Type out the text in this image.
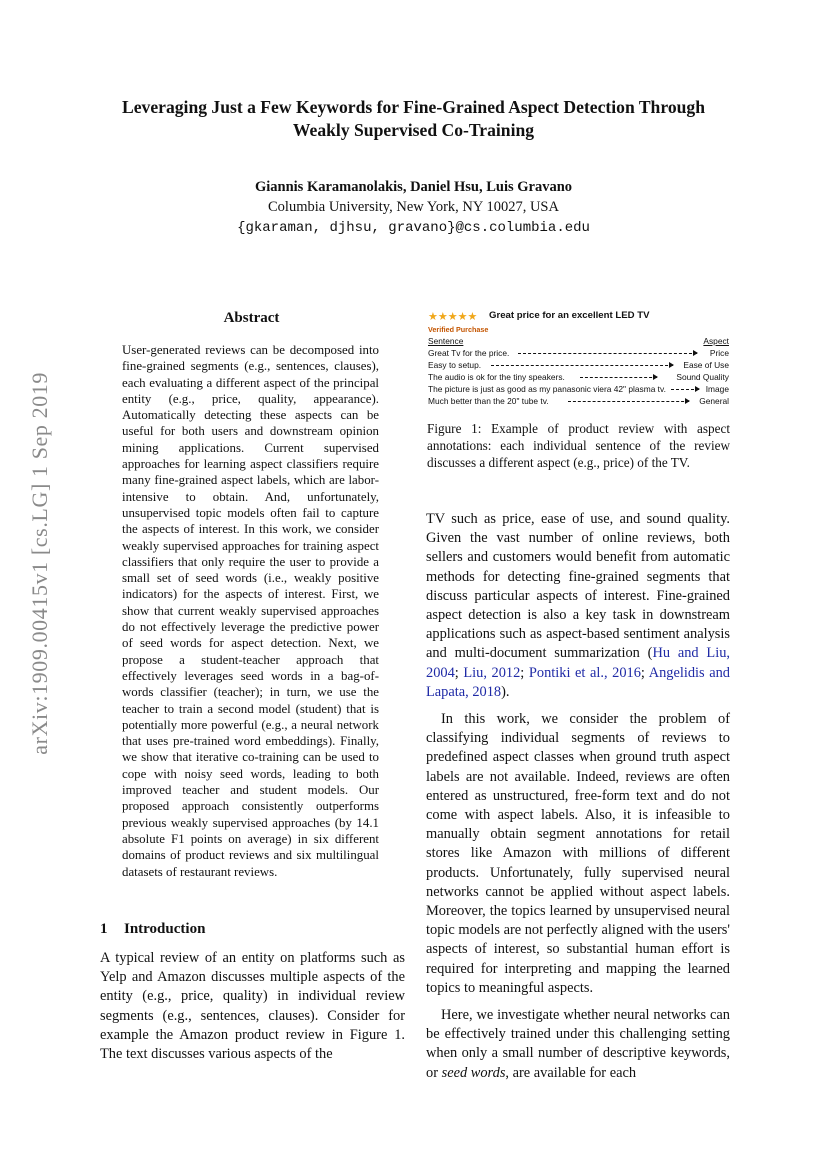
arXiv:1909.00415v1 [cs.LG] 1 Sep 2019
Leveraging Just a Few Keywords for Fine-Grained Aspect Detection Through Weakly Supervised Co-Training
Giannis Karamanolakis, Daniel Hsu, Luis Gravano
Columbia University, New York, NY 10027, USA
{gkaraman, djhsu, gravano}@cs.columbia.edu
Abstract
User-generated reviews can be decomposed into fine-grained segments (e.g., sentences, clauses), each evaluating a different aspect of the principal entity (e.g., price, quality, appearance). Automatically detecting these aspects can be useful for both users and downstream opinion mining applications. Current supervised approaches for learning aspect classifiers require many fine-grained aspect labels, which are labor-intensive to obtain. And, unfortunately, unsupervised topic models often fail to capture the aspects of interest. In this work, we consider weakly supervised approaches for training aspect classifiers that only require the user to provide a small set of seed words (i.e., weakly positive indicators) for the aspects of interest. First, we show that current weakly supervised approaches do not effectively leverage the predictive power of seed words for aspect detection. Next, we propose a student-teacher approach that effectively leverages seed words in a bag-of-words classifier (teacher); in turn, we use the teacher to train a second model (student) that is potentially more powerful (e.g., a neural network that uses pre-trained word embeddings). Finally, we show that iterative co-training can be used to cope with noisy seed words, leading to both improved teacher and student models. Our proposed approach consistently outperforms previous weakly supervised approaches (by 14.1 absolute F1 points on average) in six different domains of product reviews and six multilingual datasets of restaurant reviews.
★★★★★ Great price for an excellent LED TV
Verified Purchase
Sentence	Aspect
Great Tv for the price.	Price
Easy to setup.	Ease of Use
The audio is ok for the tiny speakers.	Sound Quality
The picture is just as good as my panasonic viera 42" plasma tv.	Image
Much better than the 20" tube tv.	General
Figure 1: Example of product review with aspect annotations: each individual sentence of the review discusses a different aspect (e.g., price) of the TV.
1 Introduction
A typical review of an entity on platforms such as Yelp and Amazon discusses multiple aspects of the entity (e.g., price, quality) in individual review segments (e.g., sentences, clauses). Consider for example the Amazon product review in Figure 1. The text discusses various aspects of the

TV such as price, ease of use, and sound quality. Given the vast number of online reviews, both sellers and customers would benefit from automatic methods for detecting fine-grained segments that discuss particular aspects of interest. Fine-grained aspect detection is also a key task in downstream applications such as aspect-based sentiment analysis and multi-document summarization (Hu and Liu, 2004; Liu, 2012; Pontiki et al., 2016; Angelidis and Lapata, 2018).

In this work, we consider the problem of classifying individual segments of reviews to predefined aspect classes when ground truth aspect labels are not available. Indeed, reviews are often entered as unstructured, free-form text and do not come with aspect labels. Also, it is infeasible to manually obtain segment annotations for retail stores like Amazon with millions of different products. Unfortunately, fully supervised neural networks cannot be applied without aspect labels. Moreover, the topics learned by unsupervised neural topic models are not perfectly aligned with the users' aspects of interest, so substantial human effort is required for interpreting and mapping the learned topics to meaningful aspects.

Here, we investigate whether neural networks can be effectively trained under this challenging setting when only a small number of descriptive keywords, or seed words, are available for each
